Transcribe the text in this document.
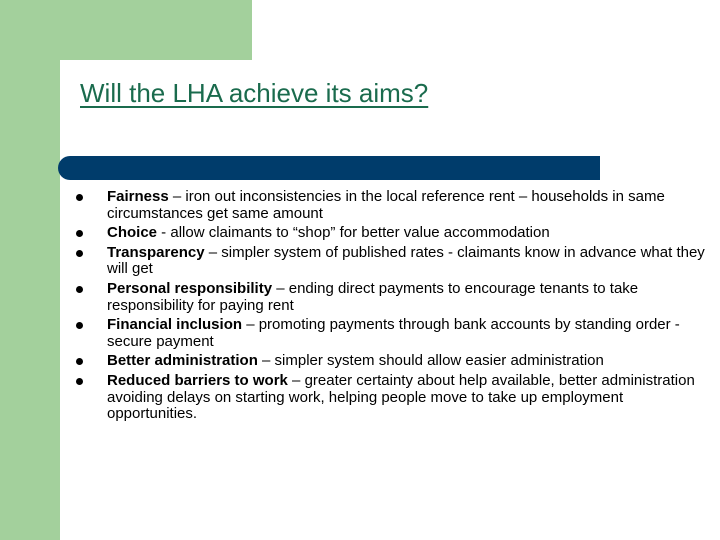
Will the LHA achieve its aims?
Fairness – iron out inconsistencies in the local reference rent – households in same circumstances get same amount
Choice - allow claimants to “shop” for better value accommodation
Transparency – simpler system of published rates - claimants know in advance what they will get
Personal responsibility – ending direct payments to encourage tenants to take responsibility for paying rent
Financial inclusion – promoting payments through bank accounts by standing order - secure payment
Better administration – simpler system should allow easier administration
Reduced barriers to work – greater certainty about help available, better administration avoiding delays on starting work, helping people move to take up employment opportunities.
